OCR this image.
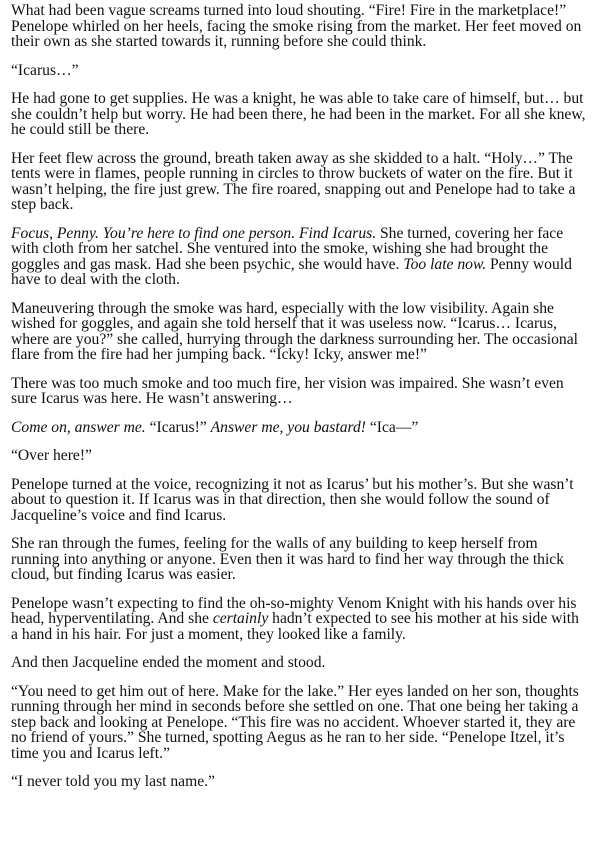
What had been vague screams turned into loud shouting. “Fire! Fire in the marketplace!” Penelope whirled on her heels, facing the smoke rising from the market. Her feet moved on their own as she started towards it, running before she could think.

“Icarus…”

He had gone to get supplies. He was a knight, he was able to take care of himself, but… but she couldn’t help but worry. He had been there, he had been in the market. For all she knew, he could still be there.

Her feet flew across the ground, breath taken away as she skidded to a halt. “Holy…” The tents were in flames, people running in circles to throw buckets of water on the fire. But it wasn’t helping, the fire just grew. The fire roared, snapping out and Penelope had to take a step back.

Focus, Penny. You’re here to find one person. Find Icarus. She turned, covering her face with cloth from her satchel. She ventured into the smoke, wishing she had brought the goggles and gas mask. Had she been psychic, she would have. Too late now. Penny would have to deal with the cloth.

Maneuvering through the smoke was hard, especially with the low visibility. Again she wished for goggles, and again she told herself that it was useless now. “Icarus… Icarus, where are you?” she called, hurrying through the darkness surrounding her. The occasional flare from the fire had her jumping back. “Icky! Icky, answer me!”

There was too much smoke and too much fire, her vision was impaired. She wasn’t even sure Icarus was here. He wasn’t answering…

Come on, answer me. “Icarus!” Answer me, you bastard! “Ica—”

“Over here!”

Penelope turned at the voice, recognizing it not as Icarus’ but his mother’s. But she wasn’t about to question it. If Icarus was in that direction, then she would follow the sound of Jacqueline’s voice and find Icarus.

She ran through the fumes, feeling for the walls of any building to keep herself from running into anything or anyone. Even then it was hard to find her way through the thick cloud, but finding Icarus was easier.

Penelope wasn’t expecting to find the oh-so-mighty Venom Knight with his hands over his head, hyperventilating. And she certainly hadn’t expected to see his mother at his side with a hand in his hair. For just a moment, they looked like a family.

And then Jacqueline ended the moment and stood.

“You need to get him out of here. Make for the lake.” Her eyes landed on her son, thoughts running through her mind in seconds before she settled on one. That one being her taking a step back and looking at Penelope. “This fire was no accident. Whoever started it, they are no friend of yours.” She turned, spotting Aegus as he ran to her side. “Penelope Itzel, it’s time you and Icarus left.”

“I never told you my last name.”
